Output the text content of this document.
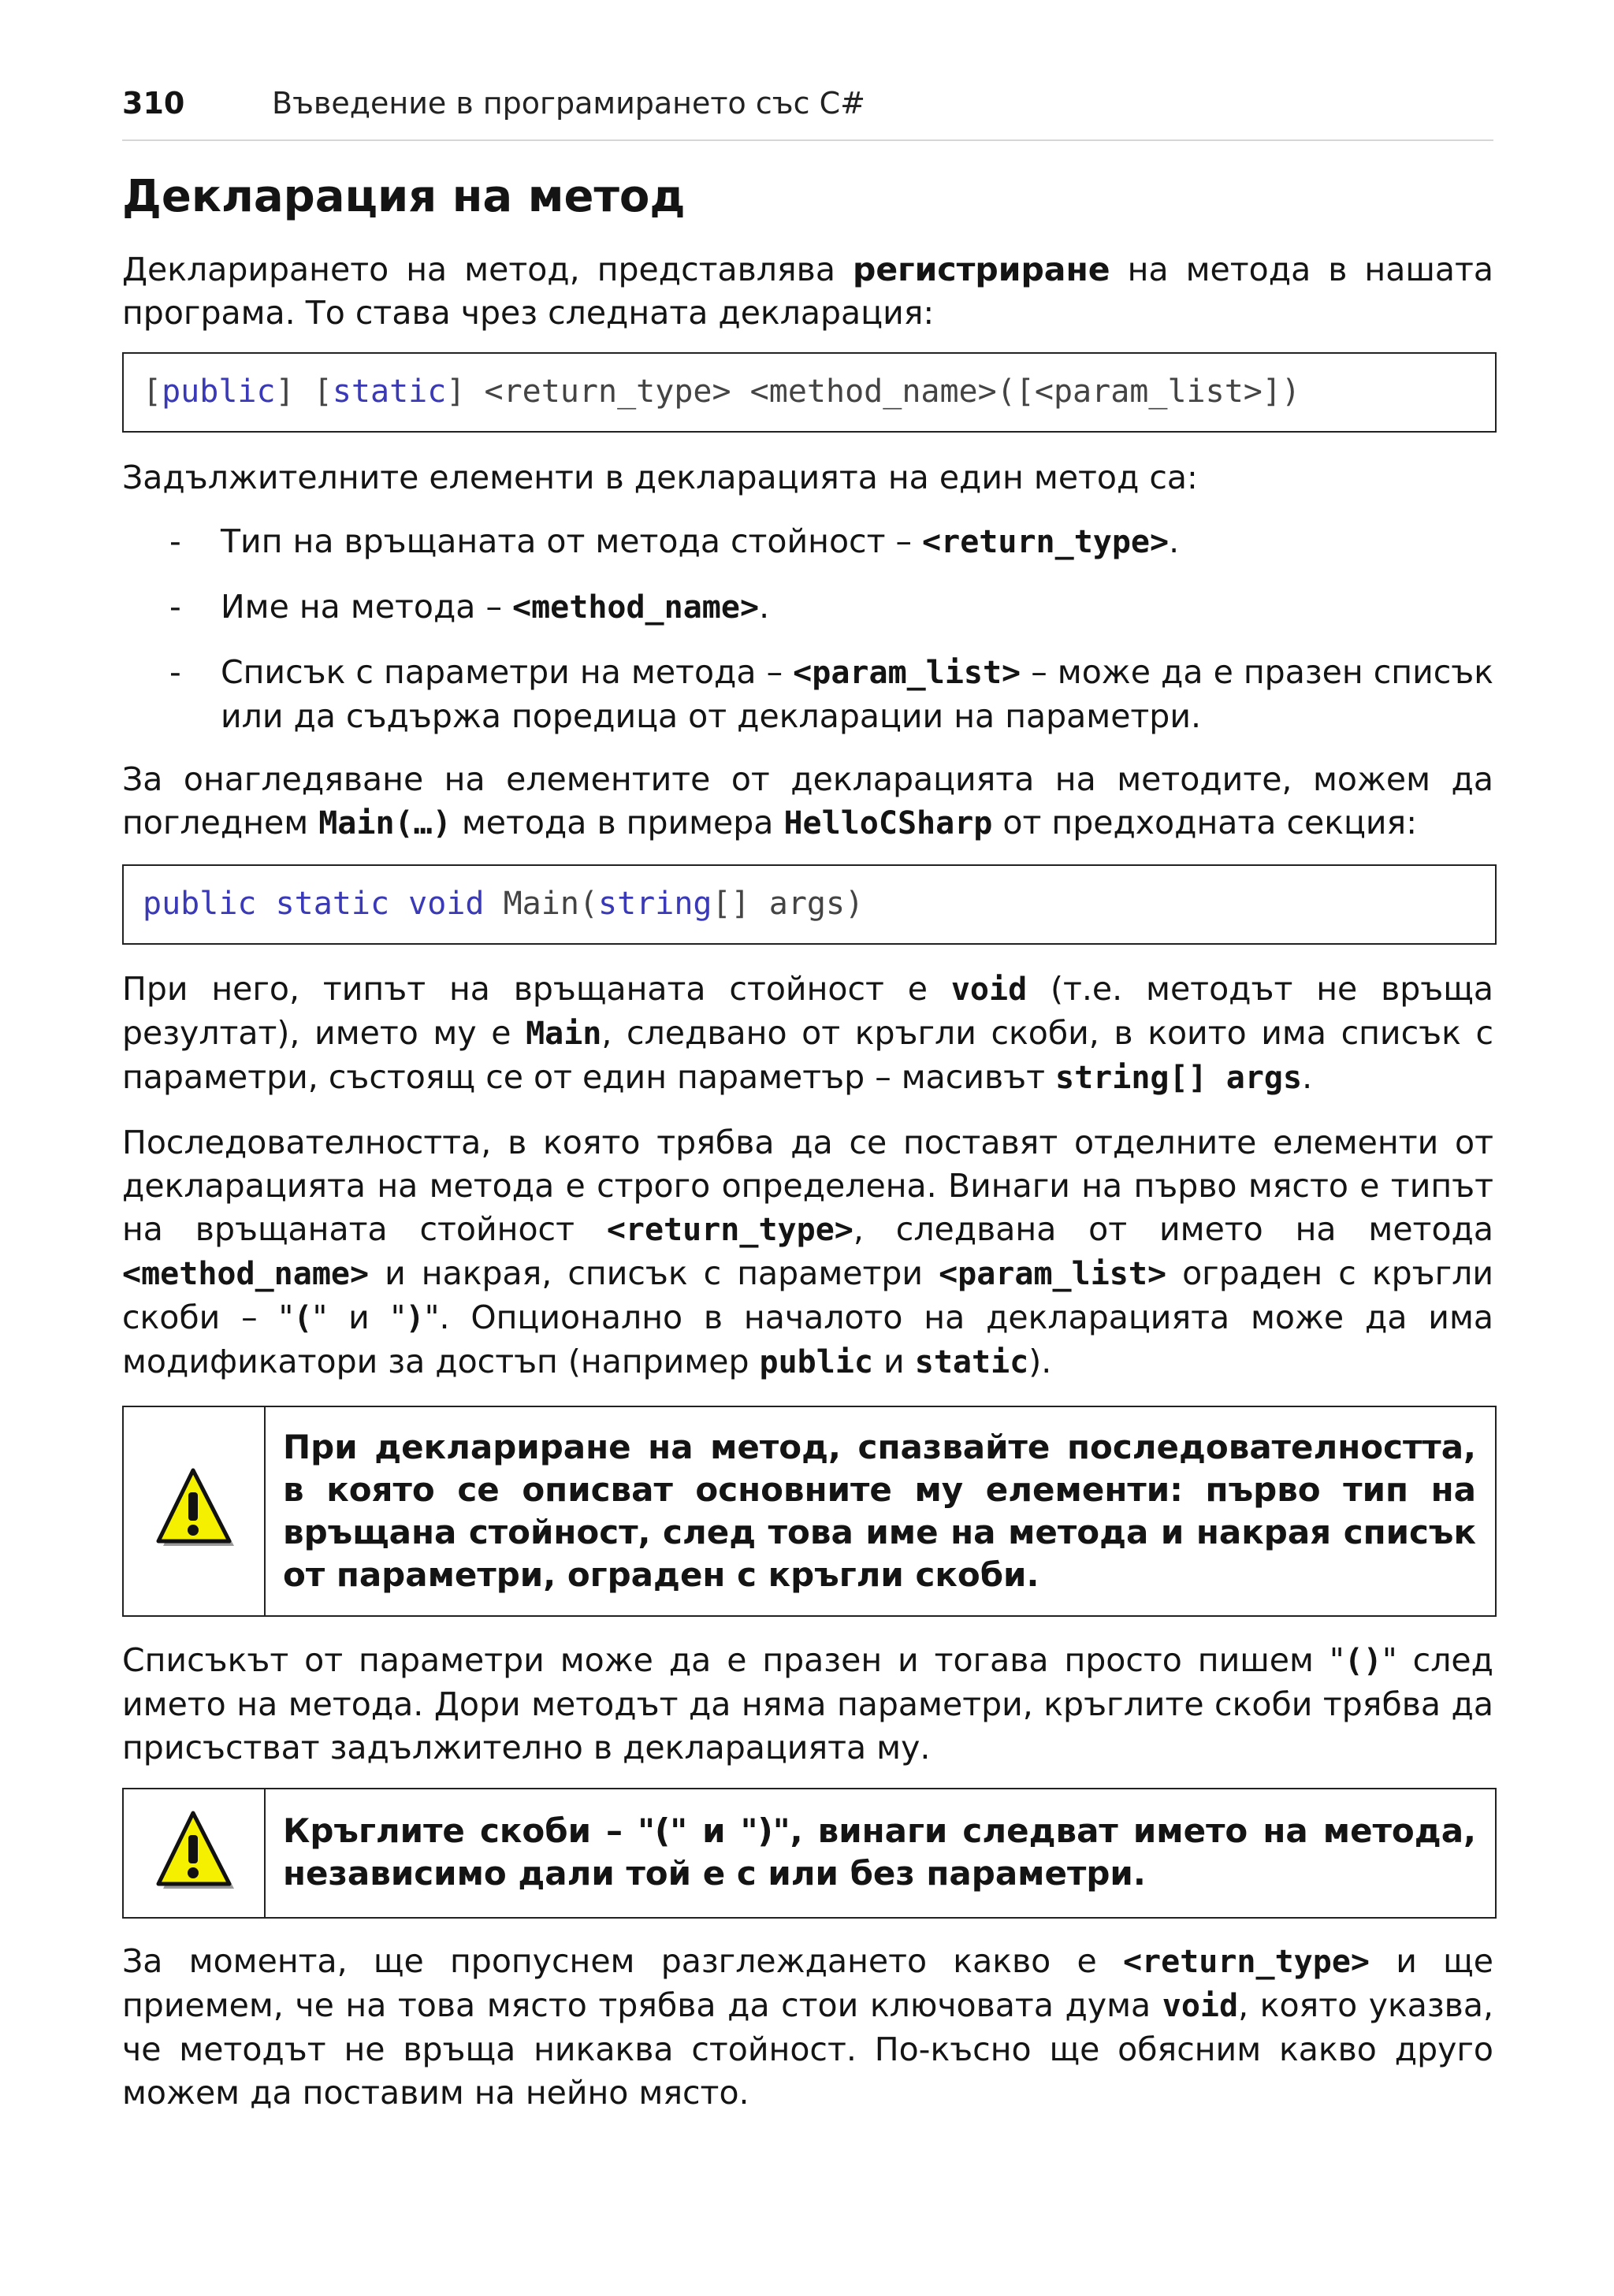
310	Въведение в програмирането със C#
Декларация на метод

Декларирането на метод, представлява регистриране на метода в нашата програма. То става чрез следната декларация:

[public] [static] <return_type> <method_name>([<param_list>])

Задължителните елементи в декларацията на един метод са:

- Тип на връщаната от метода стойност – <return_type>.

- Име на метода – <method_name>.

- Списък с параметри на метода – <param_list> – може да е празен списък или да съдържа поредица от декларации на параметри.

За онагледяване на елементите от декларацията на методите, можем да погледнем Main(…) метода в примера HelloCSharp от предходната секция:

public static void Main(string[] args)

При него, типът на връщаната стойност е void (т.е. методът не връща резултат), името му е Main, следвано от кръгли скоби, в които има списък с параметри, състоящ се от един параметър – масивът string[] args.

Последователността, в която трябва да се поставят отделните елементи от декларацията на метода е строго определена. Винаги на първо място е типът на връщаната стойност <return_type>, следвана от името на метода <method_name> и накрая, списък с параметри <param_list> ограден с кръгли скоби – "(" и ")". Опционално в началото на декларацията може да има модификатори за достъп (например public и static).

При деклариране на метод, спазвайте последователността, в която се описват основните му елементи: първо тип на връщана стойност, след това име на метода и накрая списък от параметри, ограден с кръгли скоби.

Списъкът от параметри може да е празен и тогава просто пишем "()" след името на метода. Дори методът да няма параметри, кръглите скоби трябва да присъстват задължително в декларацията му.

Кръглите скоби – "(" и ")", винаги следват името на метода, независимо дали той е с или без параметри.

За момента, ще пропуснем разглеждането какво е <return_type> и ще приемем, че на това място трябва да стои ключовата дума void, която указва, че методът не връща никаква стойност. По-късно ще обясним какво друго можем да поставим на нейно място.
